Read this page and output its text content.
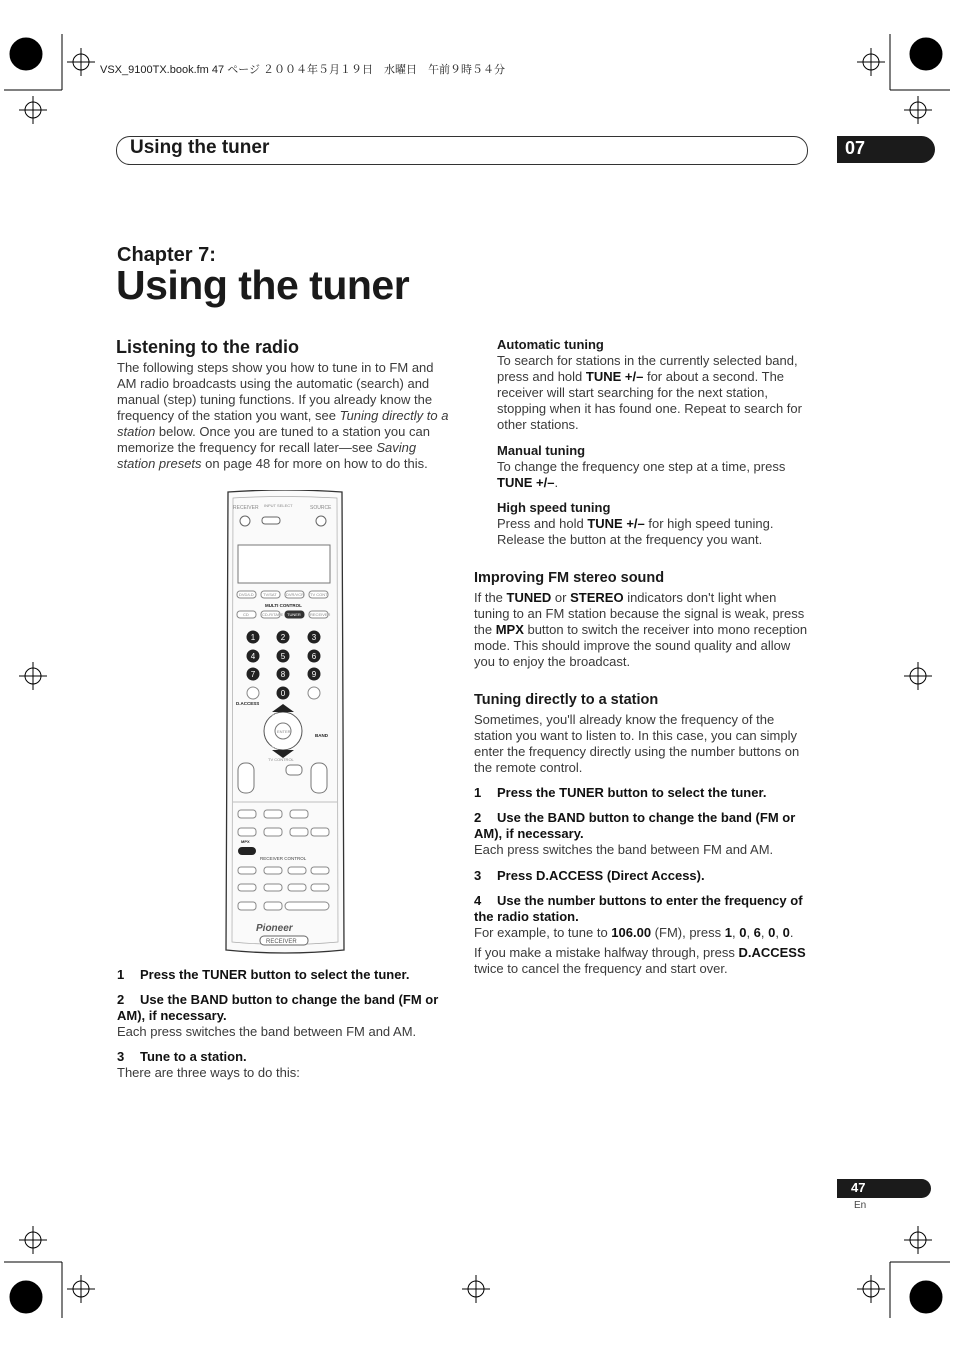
VSX_9100TX.book.fm 47 ページ ２００４年５月１９日　水曜日　午前９時５４分
Using the tuner	07
Chapter 7:
Using the tuner
Listening to the radio

The following steps show you how to tune in to FM and AM radio broadcasts using the automatic (search) and manual (step) tuning functions. If you already know the frequency of the station you want, see Tuning directly to a station below. Once you are tuned to a station you can memorize the frequency for recall later—see Saving station presets on page 48 for more on how to do this.

RECEIVER INPUT SELECT	SOURCE
DVD/LD TV/SAT DVR/VCR TV CONT
MULTI CONTROL
CD	CD-R/TAPE TUNER RECEIVER
1	2	3
4	5	6
7	8	9
0
D.ACCESS
TUNE
TUNE
ENTER
BAND
TV CONTROL
MPX
RECEIVER CONTROL
Pioneer
RECEIVER

1 Press the TUNER button to select the tuner.

2 Use the BAND button to change the band (FM or AM), if necessary.

Each press switches the band between FM and AM.

3 Tune to a station.

There are three ways to do this:

Automatic tuning

To search for stations in the currently selected band, press and hold TUNE +/– for about a second. The receiver will start searching for the next station, stopping when it has found one. Repeat to search for other stations.

Manual tuning

To change the frequency one step at a time, press TUNE +/–.

High speed tuning

Press and hold TUNE +/– for high speed tuning. Release the button at the frequency you want.

Improving FM stereo sound

If the TUNED or STEREO indicators don't light when tuning to an FM station because the signal is weak, press the MPX button to switch the receiver into mono reception mode. This should improve the sound quality and allow you to enjoy the broadcast.

Tuning directly to a station

Sometimes, you'll already know the frequency of the station you want to listen to. In this case, you can simply enter the frequency directly using the number buttons on the remote control.

1 Press the TUNER button to select the tuner.

2 Use the BAND button to change the band (FM or AM), if necessary.

Each press switches the band between FM and AM.

3 Press D.ACCESS (Direct Access).

4 Use the number buttons to enter the frequency of the radio station.

For example, to tune to 106.00 (FM), press 1, 0, 6, 0, 0.

If you make a mistake halfway through, press D.ACCESS twice to cancel the frequency and start over.

47
En
